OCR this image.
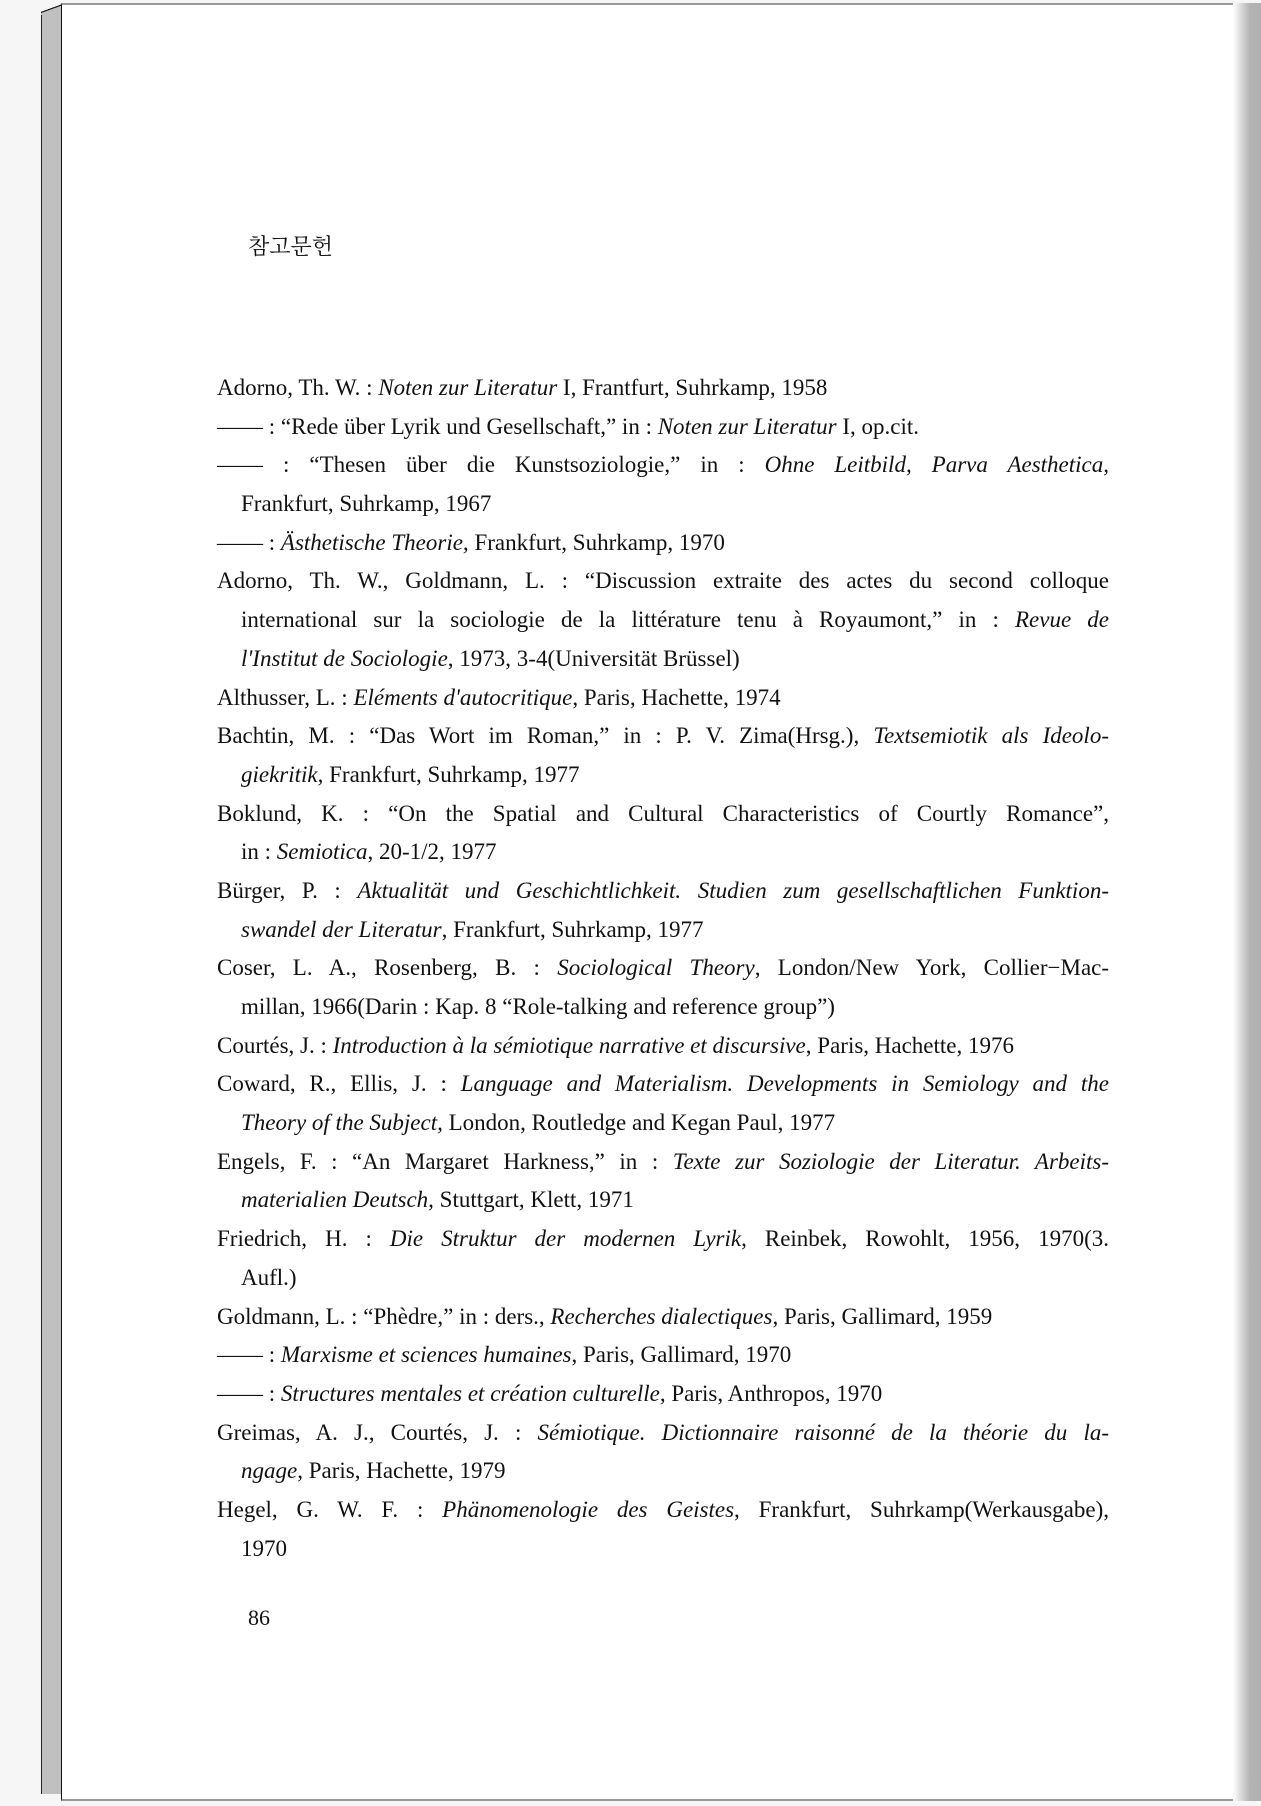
참고문헌
Adorno, Th. W. : Noten zur Literatur I, Frantfurt, Suhrkamp, 1958
—— : “Rede über Lyrik und Gesellschaft,” in : Noten zur Literatur I, op.cit.
—— : “Thesen über die Kunstsoziologie,” in : Ohne Leitbild, Parva Aesthetica,
Frankfurt, Suhrkamp, 1967
—— : Ästhetische Theorie, Frankfurt, Suhrkamp, 1970
Adorno, Th. W., Goldmann, L. : “Discussion extraite des actes du second colloque
international sur la sociologie de la littérature tenu à Royaumont,” in : Revue de
l'Institut de Sociologie, 1973, 3-4(Universität Brüssel)
Althusser, L. : Eléments d'autocritique, Paris, Hachette, 1974
Bachtin, M. : “Das Wort im Roman,” in : P. V. Zima(Hrsg.), Textsemiotik als Ideolo-
giekritik, Frankfurt, Suhrkamp, 1977
Boklund, K. : “On the Spatial and Cultural Characteristics of Courtly Romance”,
in : Semiotica, 20-1/2, 1977
Bürger, P. : Aktualität und Geschichtlichkeit. Studien zum gesellschaftlichen Funktion-
swandel der Literatur, Frankfurt, Suhrkamp, 1977
Coser, L. A., Rosenberg, B. : Sociological Theory, London/New York, Collier−Mac-
millan, 1966(Darin : Kap. 8 “Role-talking and reference group”)
Courtés, J. : Introduction à la sémiotique narrative et discursive, Paris, Hachette, 1976
Coward, R., Ellis, J. : Language and Materialism. Developments in Semiology and the
Theory of the Subject, London, Routledge and Kegan Paul, 1977
Engels, F. : “An Margaret Harkness,” in : Texte zur Soziologie der Literatur. Arbeits-
materialien Deutsch, Stuttgart, Klett, 1971
Friedrich, H. : Die Struktur der modernen Lyrik, Reinbek, Rowohlt, 1956, 1970(3.
Aufl.)
Goldmann, L. : “Phèdre,” in : ders., Recherches dialectiques, Paris, Gallimard, 1959
—— : Marxisme et sciences humaines, Paris, Gallimard, 1970
—— : Structures mentales et création culturelle, Paris, Anthropos, 1970
Greimas, A. J., Courtés, J. : Sémiotique. Dictionnaire raisonné de la théorie du la-
ngage, Paris, Hachette, 1979
Hegel, G. W. F. : Phänomenologie des Geistes, Frankfurt, Suhrkamp(Werkausgabe),
1970
86
